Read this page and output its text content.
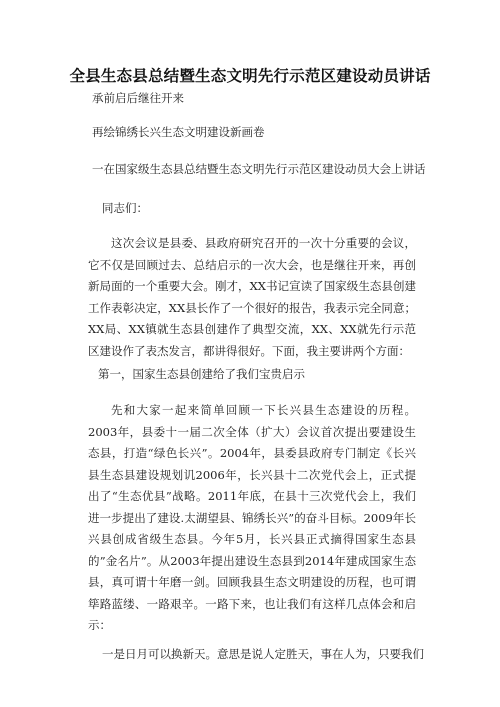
全县生态县总结暨生态文明先行示范区建设动员讲话
承前启后继往开来
再绘锦绣长兴生态文明建设新画卷
一在国家级生态县总结暨生态文明先行示范区建设动员大会上讲话
同志们：

这次会议是县委、县政府研究召开的一次十分重要的会议，它不仅是回顾过去、总结启示的一次大会，也是继往开来，再创新局面的一个重要大会。刚才，XX书记宣读了国家级生态县创建工作表彰决定，XX县长作了一个很好的报告，我表示完全同意；XX局、XX镇就生态县创建作了典型交流，XX、XX就先行示范区建设作了表杰发言，都讲得很好。下面，我主要讲两个方面：

第一，国家生态县创建给了我们宝贵启示

先和大家一起来简单回顾一下长兴县生态建设的历程。2003年，县委十一届二次全体（扩大）会议首次提出要建设生态县，打造“绿色长兴”。2004年，县委县政府专门制定《长兴县生态县建设规划讥2006年，长兴县十二次党代会上，正式提出了“生态优县”战略。2011年底，在县十三次党代会上，我们进一步提出了建设.太湖望县、锦绣长兴”的奋斗目标。2009年长兴县创成省级生态县。今年5月，长兴县正式摘得国家生态县的”金名片”。从2003年提出建设生态县到2014年建成国家生态县，真可谓十年磨一剑。回顾我县生态文明建设的历程，也可谓筚路蓝缕、一路艰辛。一路下来，也让我们有这样几点体会和启示：

一是日月可以换新天。意思是说人定胜天，事在人为，只要我们
